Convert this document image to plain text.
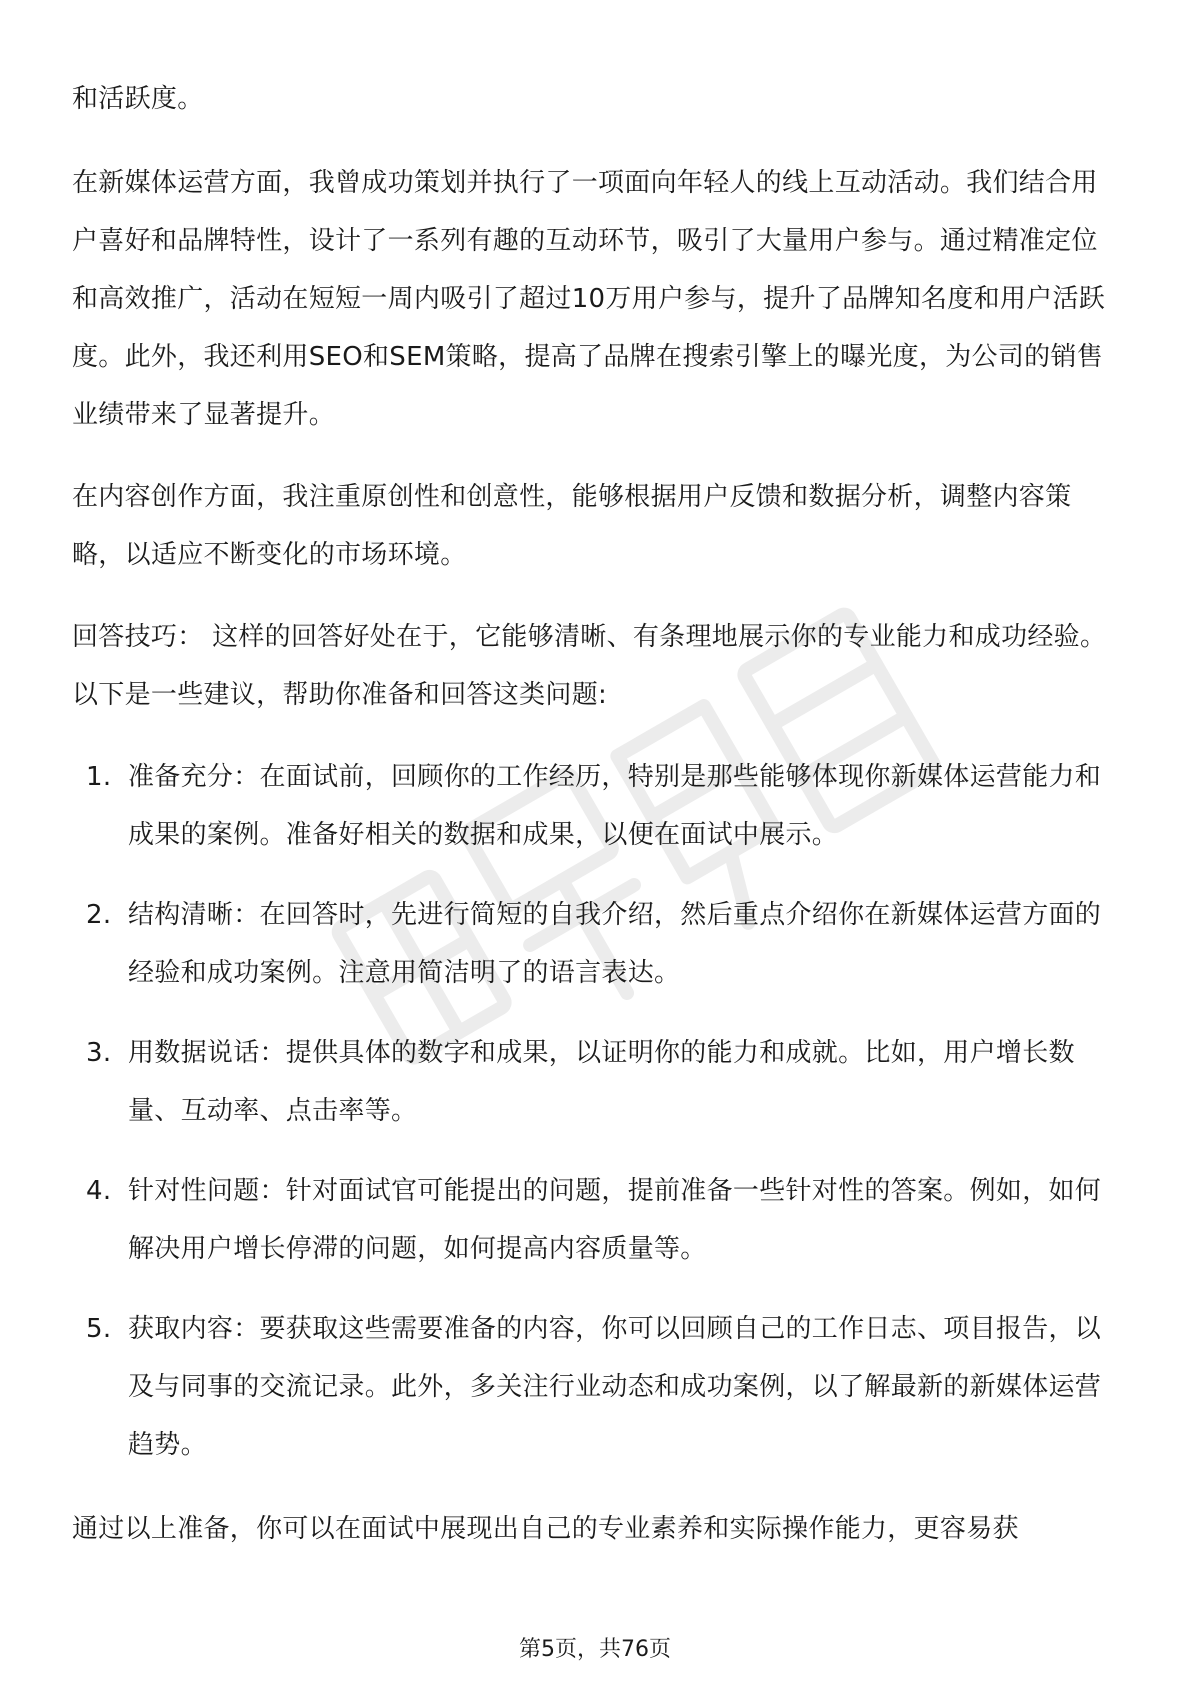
和活跃度。

在新媒体运营方面，我曾成功策划并执行了一项面向年轻人的线上互动活动。我们结合用户喜好和品牌特性，设计了一系列有趣的互动环节，吸引了大量用户参与。通过精准定位和高效推广，活动在短短一周内吸引了超过10万用户参与，提升了品牌知名度和用户活跃度。此外，我还利用SEO和SEM策略，提高了品牌在搜索引擎上的曝光度，为公司的销售业绩带来了显著提升。

在内容创作方面，我注重原创性和创意性，能够根据用户反馈和数据分析，调整内容策略，以适应不断变化的市场环境。

回答技巧： 这样的回答好处在于，它能够清晰、有条理地展示你的专业能力和成功经验。以下是一些建议，帮助你准备和回答这类问题:

1. 准备充分：在面试前，回顾你的工作经历，特别是那些能够体现你新媒体运营能力和成果的案例。准备好相关的数据和成果，以便在面试中展示。
2. 结构清晰：在回答时，先进行简短的自我介绍，然后重点介绍你在新媒体运营方面的经验和成功案例。注意用简洁明了的语言表达。
3. 用数据说话：提供具体的数字和成果，以证明你的能力和成就。比如，用户增长数量、互动率、点击率等。
4. 针对性问题：针对面试官可能提出的问题，提前准备一些针对性的答案。例如，如何解决用户增长停滞的问题，如何提高内容质量等。
5. 获取内容：要获取这些需要准备的内容，你可以回顾自己的工作日志、项目报告，以及与同事的交流记录。此外，多关注行业动态和成功案例，以了解最新的新媒体运营趋势。

通过以上准备，你可以在面试中展现出自己的专业素养和实际操作能力，更容易获

第5页，共76页
